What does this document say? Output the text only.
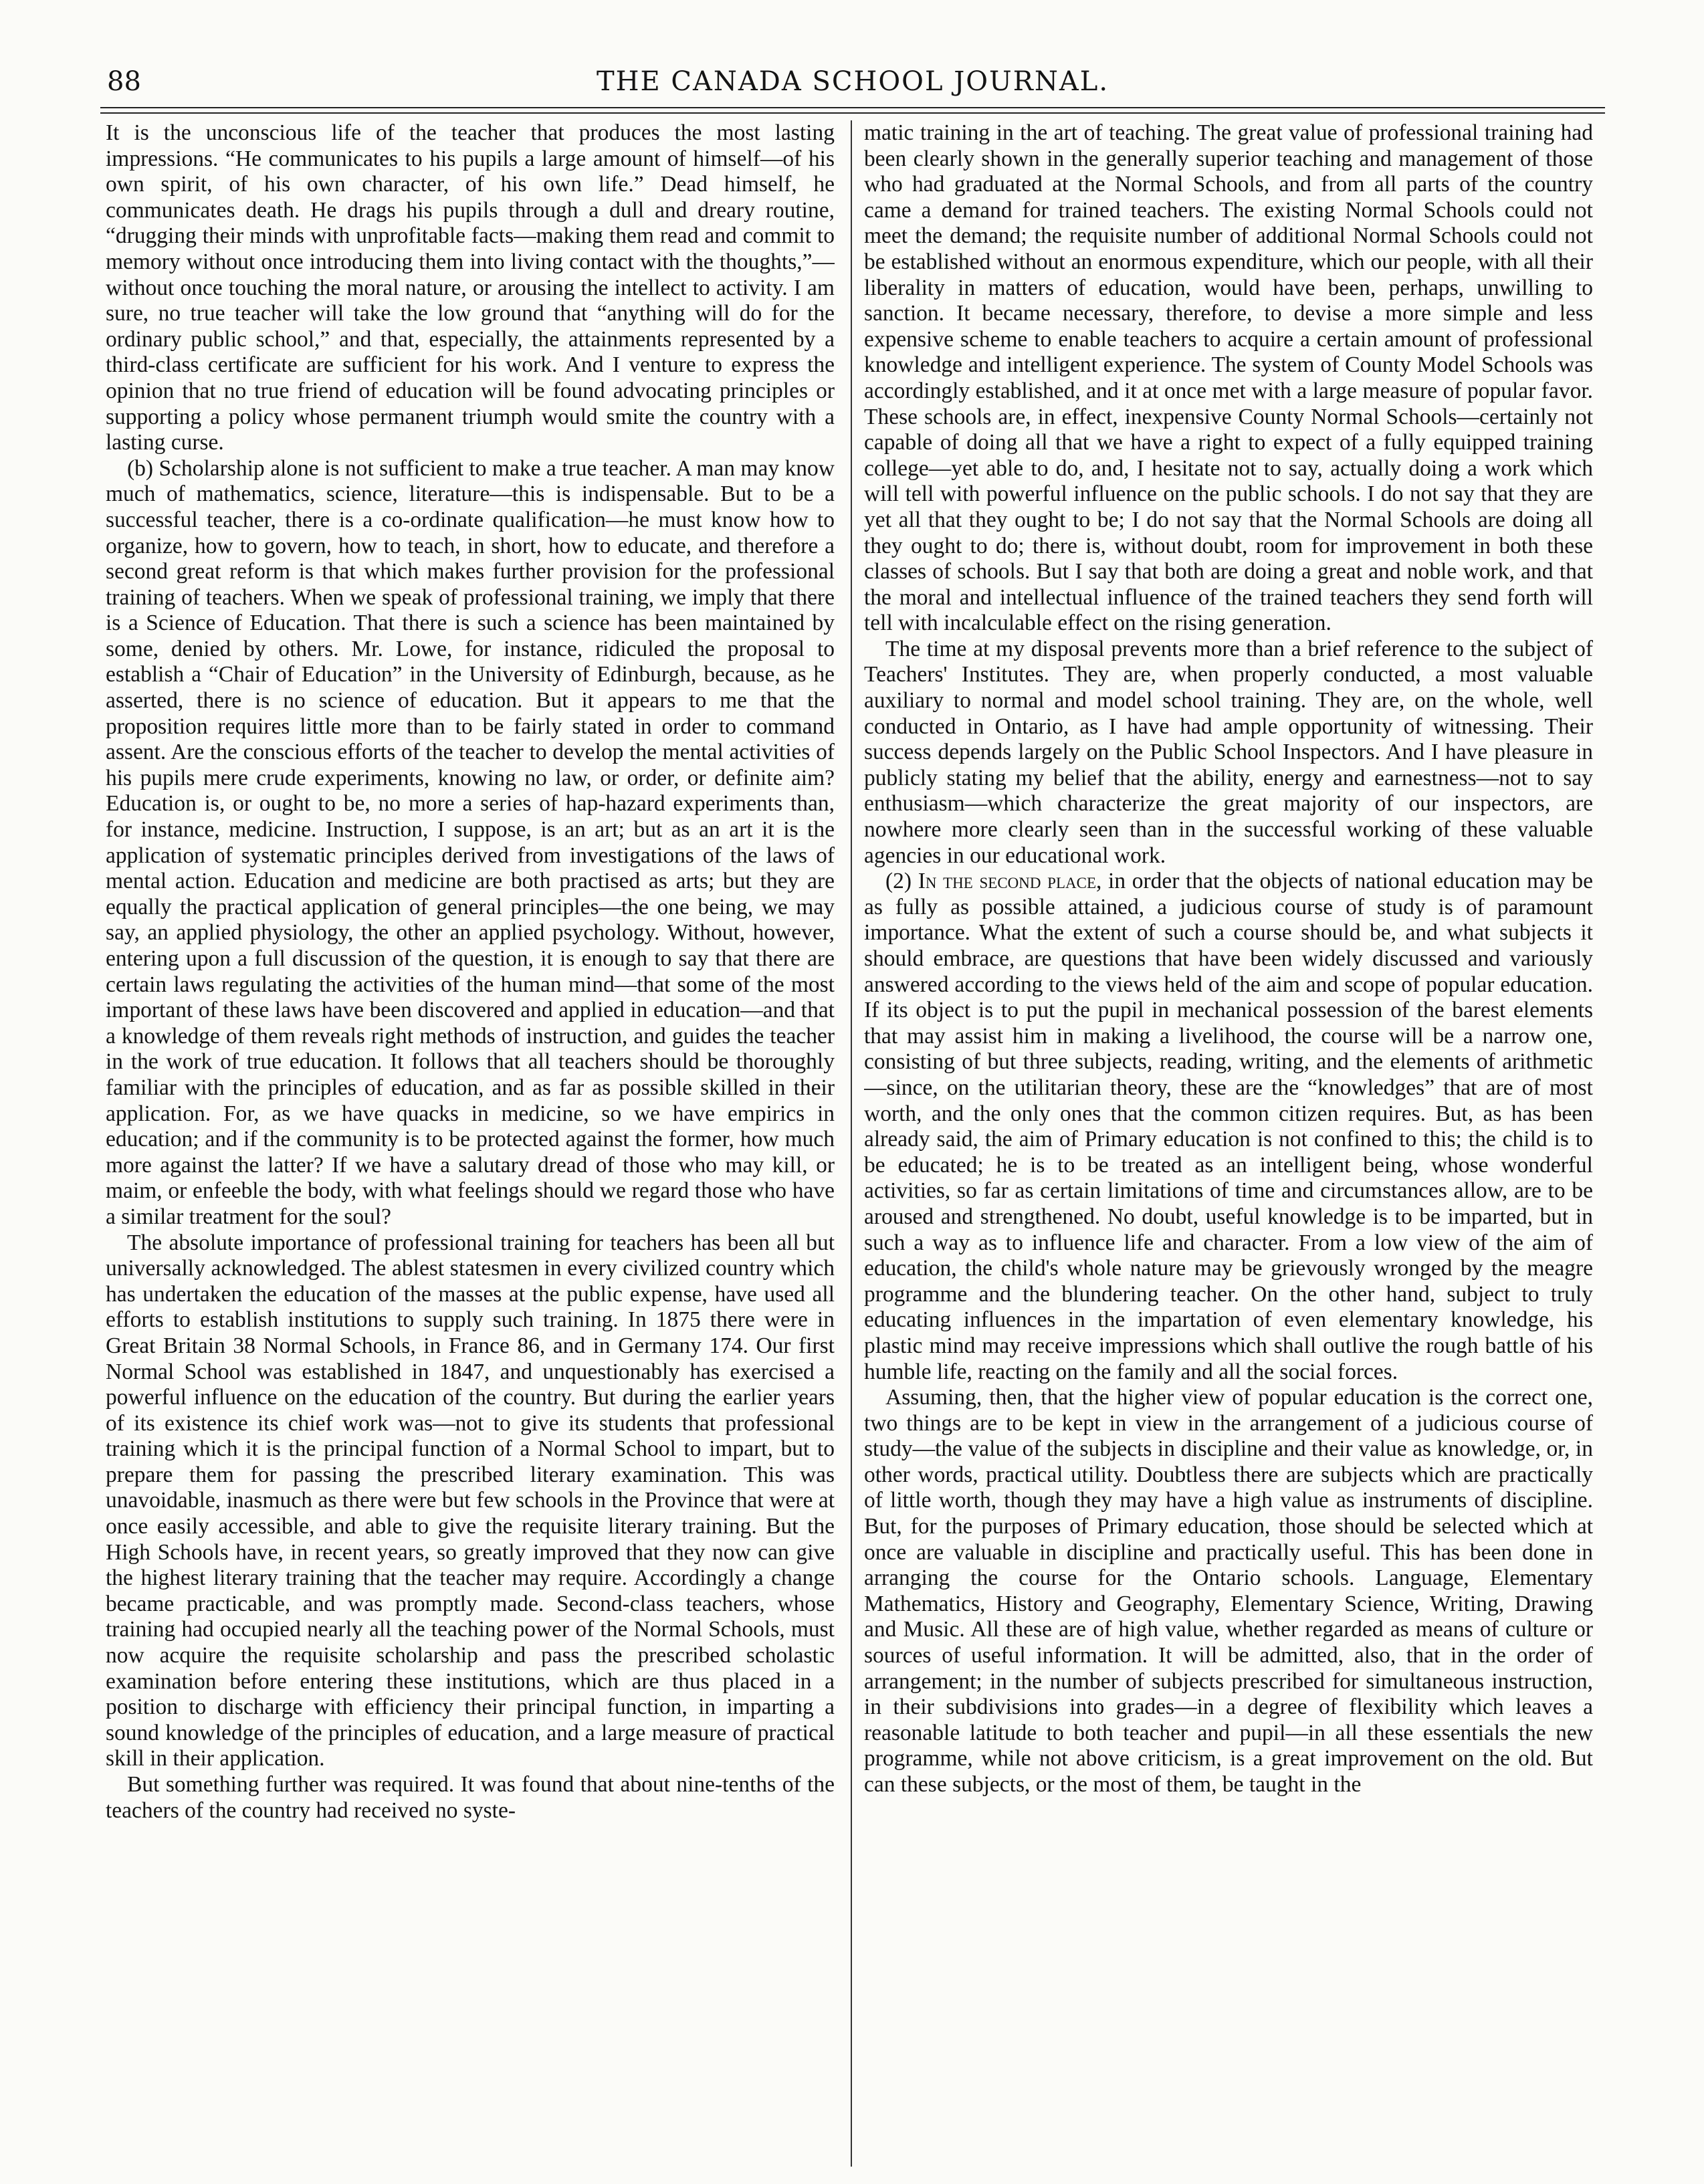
88	THE CANADA SCHOOL JOURNAL.

It is the unconscious life of the teacher that produces the most lasting impressions. “He communicates to his pupils a large amount of himself—of his own spirit, of his own character, of his own life.” Dead himself, he communicates death. He drags his pupils through a dull and dreary routine, “drugging their minds with unprofitable facts—making them read and commit to memory without once introducing them into living contact with the thoughts,”—without once touching the moral nature, or arousing the intellect to activity. I am sure, no true teacher will take the low ground that “anything will do for the ordinary public school,” and that, especially, the attainments represented by a third-class certificate are sufficient for his work. And I venture to express the opinion that no true friend of education will be found advocating principles or supporting a policy whose permanent triumph would smite the country with a lasting curse.

(b) Scholarship alone is not sufficient to make a true teacher. A man may know much of mathematics, science, literature—this is indispensable. But to be a successful teacher, there is a co-ordinate qualification—he must know how to organize, how to govern, how to teach, in short, how to educate, and therefore a second great reform is that which makes further provision for the professional training of teachers. When we speak of professional training, we imply that there is a Science of Education. That there is such a science has been maintained by some, denied by others. Mr. Lowe, for instance, ridiculed the proposal to establish a “Chair of Education” in the University of Edinburgh, because, as he asserted, there is no science of education. But it appears to me that the proposition requires little more than to be fairly stated in order to command assent. Are the conscious efforts of the teacher to develop the mental activities of his pupils mere crude experiments, knowing no law, or order, or definite aim? Education is, or ought to be, no more a series of hap-hazard experiments than, for instance, medicine. Instruction, I suppose, is an art; but as an art it is the application of systematic principles derived from investigations of the laws of mental action. Education and medicine are both practised as arts; but they are equally the practical application of general principles—the one being, we may say, an applied physiology, the other an applied psychology. Without, however, entering upon a full discussion of the question, it is enough to say that there are certain laws regulating the activities of the human mind—that some of the most important of these laws have been discovered and applied in education—and that a knowledge of them reveals right methods of instruction, and guides the teacher in the work of true education. It follows that all teachers should be thoroughly familiar with the principles of education, and as far as possible skilled in their application. For, as we have quacks in medicine, so we have empirics in education; and if the community is to be protected against the former, how much more against the latter? If we have a salutary dread of those who may kill, or maim, or enfeeble the body, with what feelings should we regard those who have a similar treatment for the soul?

The absolute importance of professional training for teachers has been all but universally acknowledged. The ablest statesmen in every civilized country which has undertaken the education of the masses at the public expense, have used all efforts to establish institutions to supply such training. In 1875 there were in Great Britain 38 Normal Schools, in France 86, and in Germany 174. Our first Normal School was established in 1847, and unquestionably has exercised a powerful influence on the education of the country. But during the earlier years of its existence its chief work was—not to give its students that professional training which it is the principal function of a Normal School to impart, but to prepare them for passing the prescribed literary examination. This was unavoidable, inasmuch as there were but few schools in the Province that were at once easily accessible, and able to give the requisite literary training. But the High Schools have, in recent years, so greatly improved that they now can give the highest literary training that the teacher may require. Accordingly a change became practicable, and was promptly made. Second-class teachers, whose training had occupied nearly all the teaching power of the Normal Schools, must now acquire the requisite scholarship and pass the prescribed scholastic examination before entering these institutions, which are thus placed in a position to discharge with efficiency their principal function, in imparting a sound knowledge of the principles of education, and a large measure of practical skill in their application.

But something further was required. It was found that about nine-tenths of the teachers of the country had received no syste-

matic training in the art of teaching. The great value of professional training had been clearly shown in the generally superior teaching and management of those who had graduated at the Normal Schools, and from all parts of the country came a demand for trained teachers. The existing Normal Schools could not meet the demand; the requisite number of additional Normal Schools could not be established without an enormous expenditure, which our people, with all their liberality in matters of education, would have been, perhaps, unwilling to sanction. It became necessary, therefore, to devise a more simple and less expensive scheme to enable teachers to acquire a certain amount of professional knowledge and intelligent experience. The system of County Model Schools was accordingly established, and it at once met with a large measure of popular favor. These schools are, in effect, inexpensive County Normal Schools—certainly not capable of doing all that we have a right to expect of a fully equipped training college—yet able to do, and, I hesitate not to say, actually doing a work which will tell with powerful influence on the public schools. I do not say that they are yet all that they ought to be; I do not say that the Normal Schools are doing all they ought to do; there is, without doubt, room for improvement in both these classes of schools. But I say that both are doing a great and noble work, and that the moral and intellectual influence of the trained teachers they send forth will tell with incalculable effect on the rising generation.

The time at my disposal prevents more than a brief reference to the subject of Teachers' Institutes. They are, when properly conducted, a most valuable auxiliary to normal and model school training. They are, on the whole, well conducted in Ontario, as I have had ample opportunity of witnessing. Their success depends largely on the Public School Inspectors. And I have pleasure in publicly stating my belief that the ability, energy and earnestness—not to say enthusiasm—which characterize the great majority of our inspectors, are nowhere more clearly seen than in the successful working of these valuable agencies in our educational work.

(2) In the second place, in order that the objects of national education may be as fully as possible attained, a judicious course of study is of paramount importance. What the extent of such a course should be, and what subjects it should embrace, are questions that have been widely discussed and variously answered according to the views held of the aim and scope of popular education. If its object is to put the pupil in mechanical possession of the barest elements that may assist him in making a livelihood, the course will be a narrow one, consisting of but three subjects, reading, writing, and the elements of arithmetic—since, on the utilitarian theory, these are the “knowledges” that are of most worth, and the only ones that the common citizen requires. But, as has been already said, the aim of Primary education is not confined to this; the child is to be educated; he is to be treated as an intelligent being, whose wonderful activities, so far as certain limitations of time and circumstances allow, are to be aroused and strengthened. No doubt, useful knowledge is to be imparted, but in such a way as to influence life and character. From a low view of the aim of education, the child's whole nature may be grievously wronged by the meagre programme and the blundering teacher. On the other hand, subject to truly educating influences in the impartation of even elementary knowledge, his plastic mind may receive impressions which shall outlive the rough battle of his humble life, reacting on the family and all the social forces.

Assuming, then, that the higher view of popular education is the correct one, two things are to be kept in view in the arrangement of a judicious course of study—the value of the subjects in discipline and their value as knowledge, or, in other words, practical utility. Doubtless there are subjects which are practically of little worth, though they may have a high value as instruments of discipline. But, for the purposes of Primary education, those should be selected which at once are valuable in discipline and practically useful. This has been done in arranging the course for the Ontario schools. Language, Elementary Mathematics, History and Geography, Elementary Science, Writing, Drawing and Music. All these are of high value, whether regarded as means of culture or sources of useful information. It will be admitted, also, that in the order of arrangement; in the number of subjects prescribed for simultaneous instruction, in their subdivisions into grades—in a degree of flexibility which leaves a reasonable latitude to both teacher and pupil—in all these essentials the new programme, while not above criticism, is a great improvement on the old. But can these subjects, or the most of them, be taught in the
